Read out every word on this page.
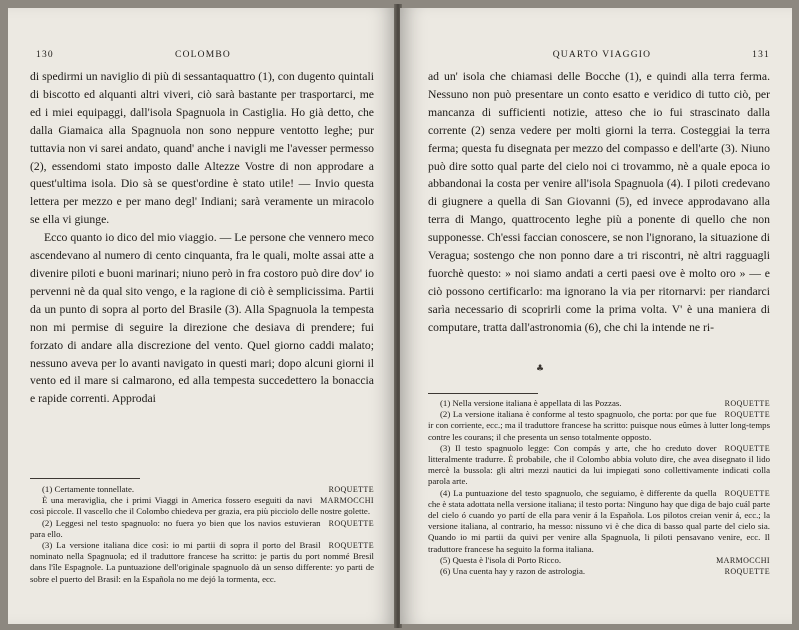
130	COLOMBO

di spedirmi un naviglio di più di sessantaquattro (1), con dugento quintali di biscotto ed alquanti altri viveri, ciò sarà bastante per trasportarci, me ed i miei equipaggi, dall'isola Spagnuola in Castiglia. Ho già detto, che dalla Giamaica alla Spagnuola non sono neppure ventotto leghe; pur tuttavia non vi sarei andato, quand' anche i navigli me l'avesser permesso (2), essendomi stato imposto dalle Altezze Vostre di non approdare a quest'ultima isola. Dio sà se quest'ordine è stato utile! — Invio questa lettera per mezzo e per mano degl' Indiani; sarà veramente un miracolo se ella vi giunge.

Ecco quanto io dico del mio viaggio. — Le persone che vennero meco ascendevano al numero di cento cinquanta, fra le quali, molte assai atte a divenire piloti e buoni marinari; niuno però in fra costoro può dire dov' io pervenni nè da qual sito vengo, e la ragione di ciò è semplicissima. Partii da un punto di sopra al porto del Brasile (3). Alla Spagnuola la tempesta non mi permise di seguire la direzione che desiava di prendere; fui forzato di andare alla discrezione del vento. Quel giorno caddi malato; nessuno aveva per lo avanti navigato in questi mari; dopo alcuni giorni il vento ed il mare si calmarono, ed alla tempesta succedettero la bonaccia e rapide correnti. Approdai

ROQUETTE
(1) Certamente tonnellate.
MARMOCCHI
È una meraviglia, che i primi Viaggi in America fossero eseguiti da navi così piccole. Il vascello che il Colombo chiedeva per grazia, era più picciolo delle nostre golette.
ROQUETTE
(2) Leggesi nel testo spagnuolo: no fuera yo bien que los navios estuvieran para ello.
ROQUETTE
(3) La versione italiana dice così: io mi partii di sopra il porto del Brasil nominato nella Spagnuola; ed il traduttore francese ha scritto: je partis du port nommé Bresil dans l'île Espagnole. La puntuazione dell'originale spagnuolo dà un senso differente: yo parti de sobre el puerto del Brasil: en la Española no me dejó la tormenta, ecc.
QUARTO VIAGGIO	131

ad un' isola che chiamasi delle Bocche (1), e quindi alla terra ferma. Nessuno non può presentare un conto esatto e veridico di tutto ciò, per mancanza di sufficienti notizie, atteso che io fui strascinato dalla corrente (2) senza vedere per molti giorni la terra. Costeggiai la terra ferma; questa fu disegnata per mezzo del compasso e dell'arte (3). Niuno può dire sotto qual parte del cielo noi ci trovammo, nè a quale epoca io abbandonai la costa per venire all'isola Spagnuola (4). I piloti credevano di giugnere a quella di San Giovanni (5), ed invece approdavano alla terra di Mango, quattrocento leghe più a ponente di quello che non supponesse. Ch'essi faccian conoscere, se non l'ignorano, la situazione di Veragua; sostengo che non ponno dare a tri riscontri, nè altri ragguagli fuorchè questo: » noi siamo andati a certi paesi ove è molto oro » — e ciò possono certificarlo: ma ignorano la via per ritornarvi: per riandarci sarìa necessario di scoprirli come la prima volta. V' è una maniera di computare, tratta dall'astronomia (6), che chi la intende ne ri-

♣
ROQUETTE
(1) Nella versione italiana è appellata di las Pozzas.
ROQUETTE
(2) La versione italiana è conforme al testo spagnuolo, che porta: por que fue ir con corriente, ecc.; ma il traduttore francese ha scritto: puisque nous eûmes à lutter long-temps contre les courans; il che presenta un senso totalmente opposto.
ROQUETTE
(3) Il testo spagnuolo legge: Con compás y arte, che ho creduto dover litteralmente tradurre. È probabile, che il Colombo abbia voluto dire, che avea disegnato il lido mercè la bussola: gli altri mezzi nautici da lui impiegati sono collettivamente indicati colla parola arte.
ROQUETTE
(4) La puntuazione del testo spagnuolo, che seguiamo, è differente da quella che è stata adottata nella versione italiana; il testo porta: Ninguno hay que diga de bajo cuál parte del cielo ó cuando yo partí de ella para venir á la Española. Los pilotos creian venir á, ecc.; la versione italiana, al contrario, ha messo: nissuno vi è che dica di basso qual parte del cielo sia. Quando io mi partii da quivi per venire alla Spagnuola, li piloti pensavano venire, ecc. Il traduttore francese ha seguito la forma italiana.
MARMOCCHI
(5) Questa è l'isola di Porto Ricco.
ROQUETTE
(6) Una cuenta hay y razon de astrologia.
